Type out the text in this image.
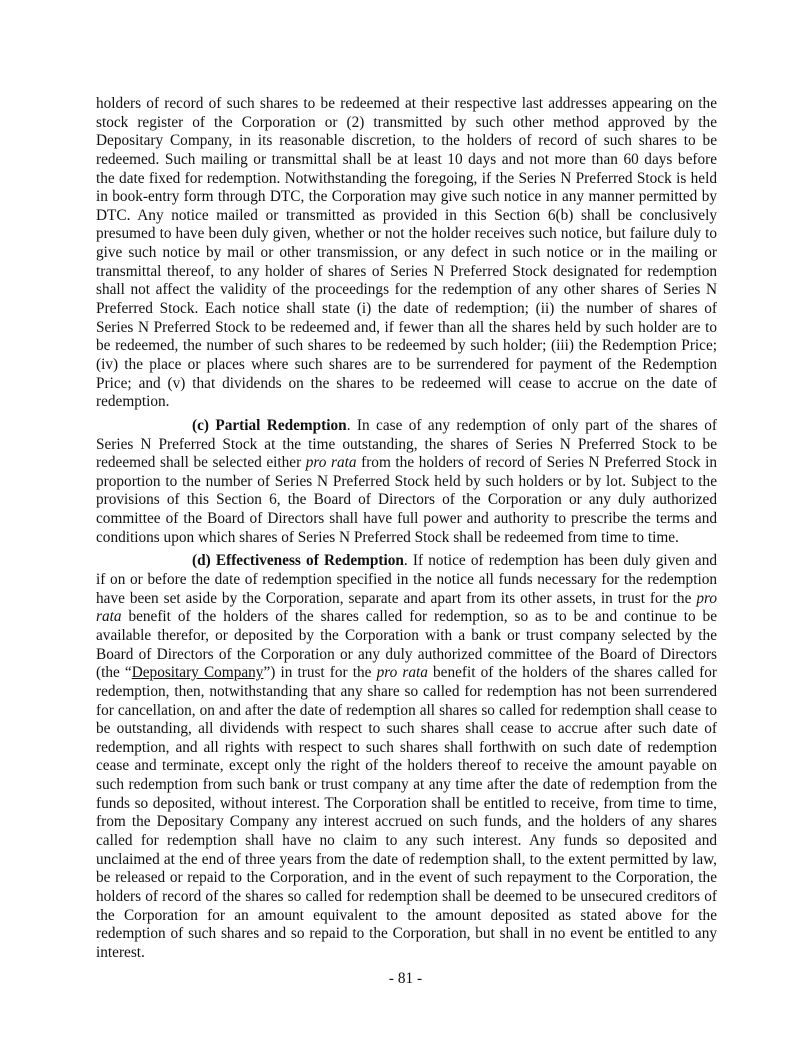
holders of record of such shares to be redeemed at their respective last addresses appearing on the
stock register of the Corporation or (2) transmitted by such other method approved by the
Depositary Company, in its reasonable discretion, to the holders of record of such shares to be
redeemed. Such mailing or transmittal shall be at least 10 days and not more than 60 days before
the date fixed for redemption. Notwithstanding the foregoing, if the Series N Preferred Stock is held
in book-entry form through DTC, the Corporation may give such notice in any manner permitted by
DTC. Any notice mailed or transmitted as provided in this Section 6(b) shall be conclusively
presumed to have been duly given, whether or not the holder receives such notice, but failure duly to
give such notice by mail or other transmission, or any defect in such notice or in the mailing or
transmittal thereof, to any holder of shares of Series N Preferred Stock designated for redemption
shall not affect the validity of the proceedings for the redemption of any other shares of Series N
Preferred Stock. Each notice shall state (i) the date of redemption; (ii) the number of shares of
Series N Preferred Stock to be redeemed and, if fewer than all the shares held by such holder are to
be redeemed, the number of such shares to be redeemed by such holder; (iii) the Redemption Price;
(iv) the place or places where such shares are to be surrendered for payment of the Redemption
Price; and (v) that dividends on the shares to be redeemed will cease to accrue on the date of
redemption.
(c) Partial Redemption. In case of any redemption of only part of the shares of
Series N Preferred Stock at the time outstanding, the shares of Series N Preferred Stock to be
redeemed shall be selected either pro rata from the holders of record of Series N Preferred Stock in
proportion to the number of Series N Preferred Stock held by such holders or by lot. Subject to the
provisions of this Section 6, the Board of Directors of the Corporation or any duly authorized
committee of the Board of Directors shall have full power and authority to prescribe the terms and
conditions upon which shares of Series N Preferred Stock shall be redeemed from time to time.
(d) Effectiveness of Redemption. If notice of redemption has been duly given and
if on or before the date of redemption specified in the notice all funds necessary for the redemption
have been set aside by the Corporation, separate and apart from its other assets, in trust for the pro
rata benefit of the holders of the shares called for redemption, so as to be and continue to be
available therefor, or deposited by the Corporation with a bank or trust company selected by the
Board of Directors of the Corporation or any duly authorized committee of the Board of Directors
(the “Depositary Company”) in trust for the pro rata benefit of the holders of the shares called for
redemption, then, notwithstanding that any share so called for redemption has not been surrendered
for cancellation, on and after the date of redemption all shares so called for redemption shall cease to
be outstanding, all dividends with respect to such shares shall cease to accrue after such date of
redemption, and all rights with respect to such shares shall forthwith on such date of redemption
cease and terminate, except only the right of the holders thereof to receive the amount payable on
such redemption from such bank or trust company at any time after the date of redemption from the
funds so deposited, without interest. The Corporation shall be entitled to receive, from time to time,
from the Depositary Company any interest accrued on such funds, and the holders of any shares
called for redemption shall have no claim to any such interest. Any funds so deposited and
unclaimed at the end of three years from the date of redemption shall, to the extent permitted by law,
be released or repaid to the Corporation, and in the event of such repayment to the Corporation, the
holders of record of the shares so called for redemption shall be deemed to be unsecured creditors of
the Corporation for an amount equivalent to the amount deposited as stated above for the
redemption of such shares and so repaid to the Corporation, but shall in no event be entitled to any
interest.
- 81 -
